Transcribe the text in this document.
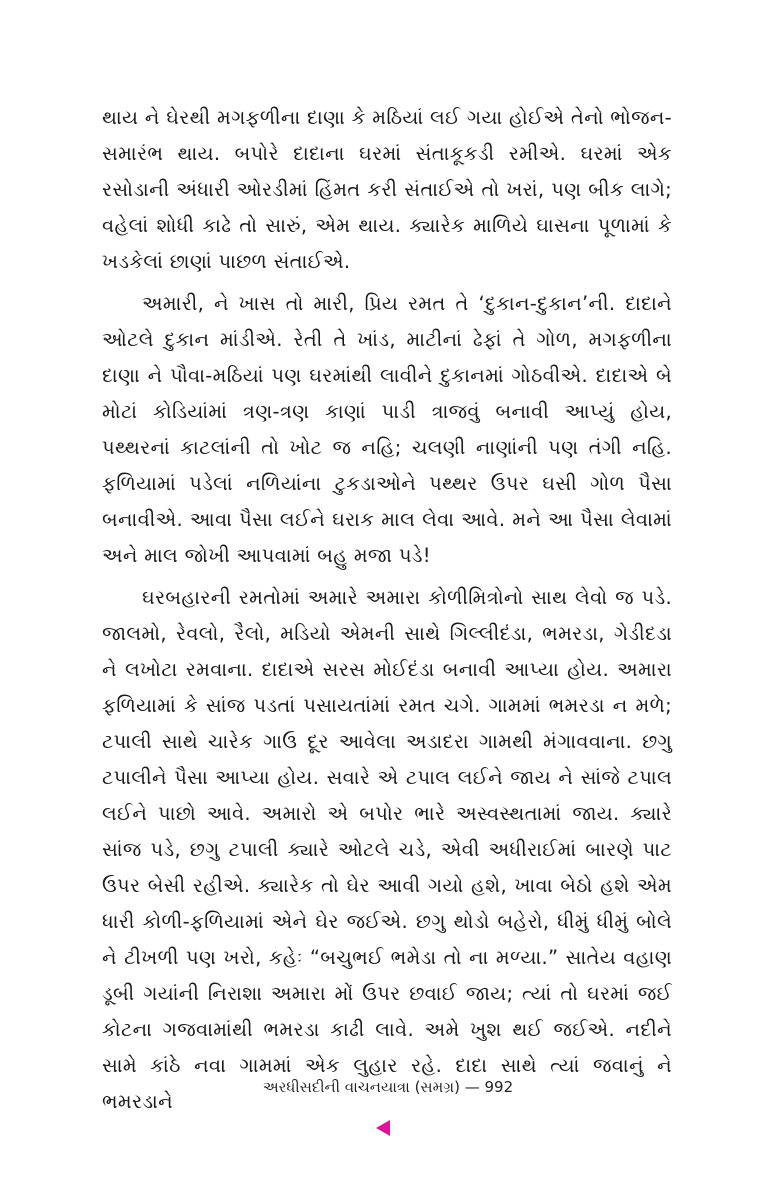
થાય ને ઘેરથી મગફળીના દાણા કે મઠિયાં લઈ ગયા હોઈએ તેનો ભોજન-સમારંભ થાય. બપોરે દાદાના ઘરમાં સંતાકૂકડી રમીએ. ઘરમાં એક રસોડાની અંધારી ઓરડીમાં હિંમત કરી સંતાઈએ તો ખરાં, પણ બીક લાગે; વહેલાં શોધી કાઢે તો સારું, એમ થાય. ક્યારેક માળિયે ઘાસના પૂળામાં કે ખડકેલાં છાણાં પાછળ સંતાઈએ.

અમારી, ને ખાસ તો મારી, પ્રિય રમત તે ‘દુકાન-દુકાન’ની. દાદાને ઓટલે દુકાન માંડીએ. રેતી તે ખાંડ, માટીનાં ઢેફાં તે ગોળ, મગફળીના દાણા ને પૌવા-મઠિયાં પણ ઘરમાંથી લાવીને દુકાનમાં ગોઠવીએ. દાદાએ બે મોટાં કોડિયાંમાં ત્રણ-ત્રણ કાણાં પાડી ત્રાજવું બનાવી આપ્યું હોય, પથ્થરનાં કાટલાંની તો ખોટ જ નહિ; ચલણી નાણાંની પણ તંગી નહિ. ફળિયામાં પડેલાં નળિયાંના ટુકડાઓને પથ્થર ઉપર ઘસી ગોળ પૈસા બનાવીએ. આવા પૈસા લઈને ઘરાક માલ લેવા આવે. મને આ પૈસા લેવામાં અને માલ જોખી આપવામાં બહુ મજા પડે!

ઘરબહારની રમતોમાં અમારે અમારા કોળીમિત્રોનો સાથ લેવો જ પડે. જાલમો, રેવલો, રૈલો, મડિયો એમની સાથે ગિલ્લીદંડા, ભમરડા, ગેડીદડા ને લખોટા રમવાના. દાદાએ સરસ મોઈદંડા બનાવી આપ્યા હોય. અમારા ફળિયામાં કે સાંજ પડતાં પસાયતાંમાં રમત ચગે. ગામમાં ભમરડા ન મળે; ટપાલી સાથે ચારેક ગાઉ દૂર આવેલા અડાદરા ગામથી મંગાવવાના. છગુ ટપાલીને પૈસા આપ્યા હોય. સવારે એ ટપાલ લઈને જાય ને સાંજે ટપાલ લઈને પાછો આવે. અમારો એ બપોર ભારે અસ્વસ્થતામાં જાય. ક્યારે સાંજ પડે, છગુ ટપાલી ક્યારે ઓટલે ચડે, એવી અધીરાઈમાં બારણે પાટ ઉપર બેસી રહીએ. ક્યારેક તો ઘેર આવી ગયો હશે, ખાવા બેઠો હશે એમ ધારી કોળી-ફળિયામાં એને ઘેર જઈએ. છગુ થોડો બહેરો, ધીમું ધીમું બોલે ને ટીખળી પણ ખરો, કહેઃ “બચુભઈ ભમેડા તો ના મળ્યા.” સાતેય વહાણ ડૂબી ગયાંની નિરાશા અમારા મોં ઉપર છવાઈ જાય; ત્યાં તો ઘરમાં જઈ કોટના ગજવામાંથી ભમરડા કાઢી લાવે. અમે ખુશ થઈ જઈએ. નદીને સામે કાંઠે નવા ગામમાં એક લુહાર રહે. દાદા સાથે ત્યાં જવાનું ને ભમરડાને

અરધીસદીની વાચનયાત્રા (સમગ્ર) — 992
